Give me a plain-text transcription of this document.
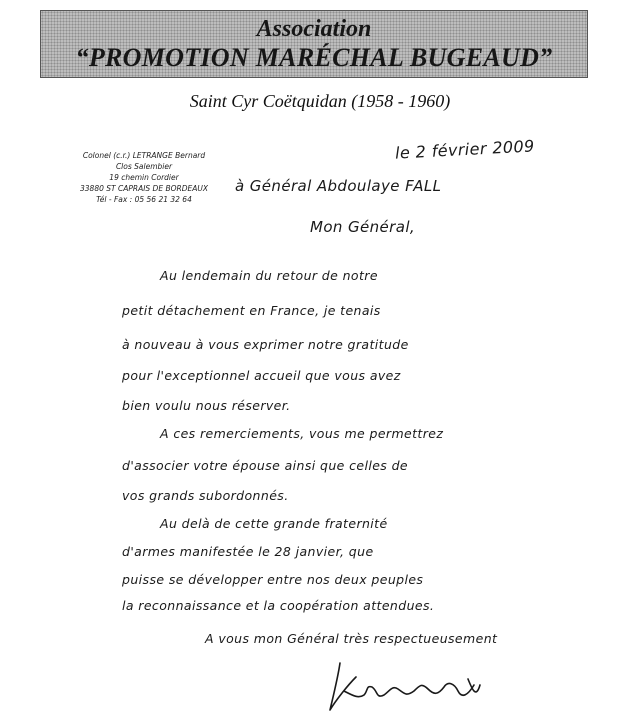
Association
“PROMOTION MARÉCHAL BUGEAUD”
Saint Cyr Coëtquidan (1958 - 1960)
Colonel (c.r.) LETRANGE Bernard
Clos Salembier
19 chemin Cordier
33880 ST CAPRAIS DE BORDEAUX
Tél - Fax : 05 56 21 32 64
le 2 février 2009
à Général Abdoulaye FALL
Mon Général,
Au lendemain du retour de notre
petit détachement en France, je tenais
à nouveau à vous exprimer notre gratitude
pour l'exceptionnel accueil que vous avez
bien voulu nous réserver.
A ces remerciements, vous me permettrez
d'associer votre épouse ainsi que celles de
vos grands subordonnés.
Au delà de cette grande fraternité
d'armes manifestée le 28 janvier, que
puisse se développer entre nos deux peuples
la reconnaissance et la coopération attendues.
A vous mon Général très respectueusement
